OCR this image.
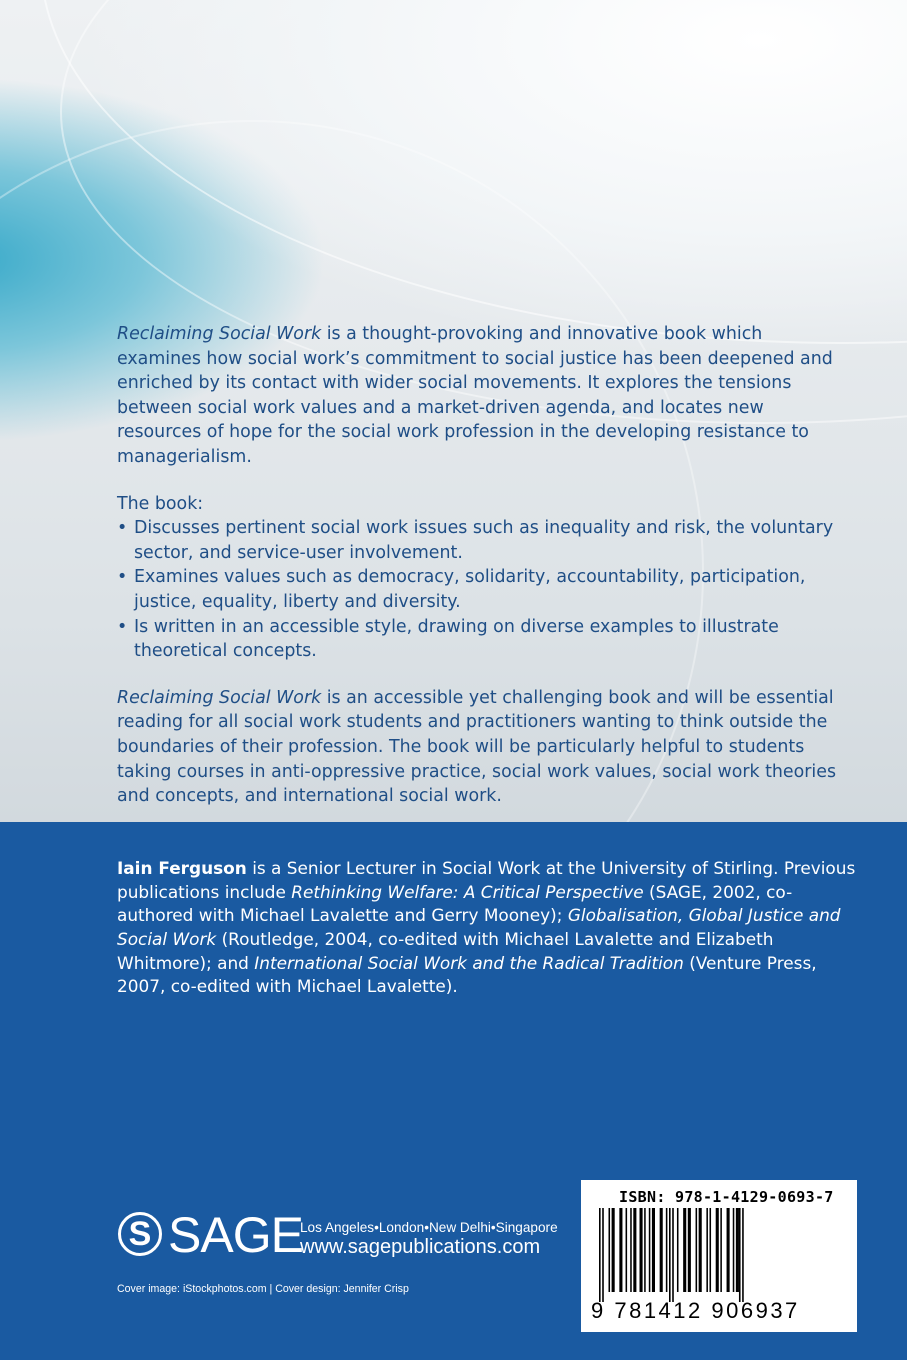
Reclaiming Social Work is a thought-provoking and innovative book which examines how social work’s commitment to social justice has been deepened and enriched by its contact with wider social movements. It explores the tensions between social work values and a market-driven agenda, and locates new resources of hope for the social work profession in the developing resistance to managerialism.

The book:

• Discusses pertinent social work issues such as inequality and risk, the voluntary sector, and service-user involvement.
• Examines values such as democracy, solidarity, accountability, participation, justice, equality, liberty and diversity.
• Is written in an accessible style, drawing on diverse examples to illustrate theoretical concepts.

Reclaiming Social Work is an accessible yet challenging book and will be essential reading for all social work students and practitioners wanting to think outside the boundaries of their profession. The book will be particularly helpful to students taking courses in anti-oppressive practice, social work values, social work theories and concepts, and international social work.

Iain Ferguson is a Senior Lecturer in Social Work at the University of Stirling. Previous publications include Rethinking Welfare: A Critical Perspective (SAGE, 2002, co-authored with Michael Lavalette and Gerry Mooney); Globalisation, Global Justice and Social Work (Routledge, 2004, co-edited with Michael Lavalette and Elizabeth Whitmore); and International Social Work and the Radical Tradition (Venture Press, 2007, co-edited with Michael Lavalette).

S SAGE
Los Angeles•London•New Delhi•Singapore
www.sagepublications.com
Cover image: iStockphotos.com | Cover design: Jennifer Crisp
ISBN: 978-1-4129-0693-7
9 781412 906937
